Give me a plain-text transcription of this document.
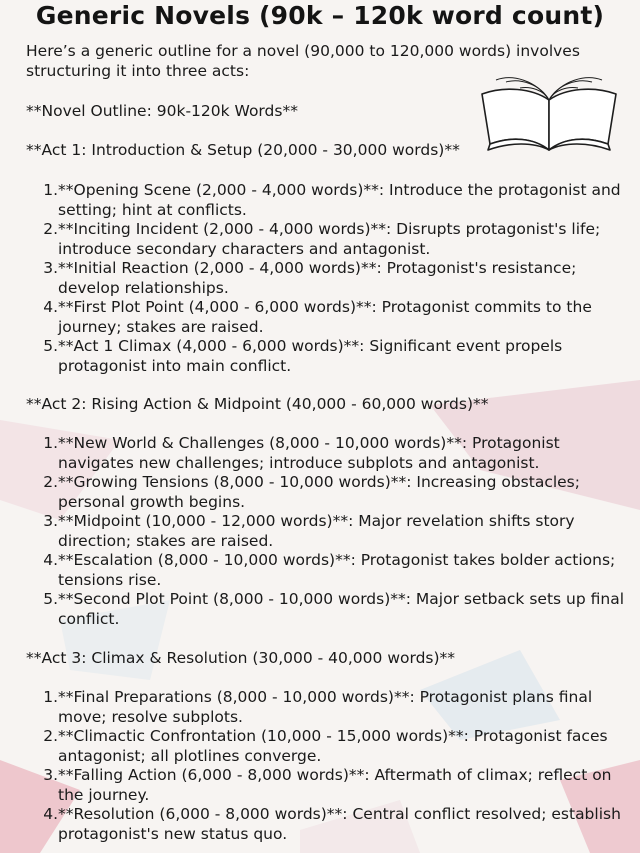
Generic Novels (90k – 120k word count)

Here’s a generic outline for a novel (90,000 to 120,000 words) involves structuring it into three acts:

**Novel Outline: 90k-120k Words**

**Act 1: Introduction & Setup (20,000 - 30,000 words)**

1. **Opening Scene (2,000 - 4,000 words)**: Introduce the protagonist and setting; hint at conflicts.
2. **Inciting Incident (2,000 - 4,000 words)**: Disrupts protagonist's life; introduce secondary characters and antagonist.
3. **Initial Reaction (2,000 - 4,000 words)**: Protagonist's resistance; develop relationships.
4. **First Plot Point (4,000 - 6,000 words)**: Protagonist commits to the journey; stakes are raised.
5. **Act 1 Climax (4,000 - 6,000 words)**: Significant event propels protagonist into main conflict.

**Act 2: Rising Action & Midpoint (40,000 - 60,000 words)**

1. **New World & Challenges (8,000 - 10,000 words)**: Protagonist navigates new challenges; introduce subplots and antagonist.
2. **Growing Tensions (8,000 - 10,000 words)**: Increasing obstacles; personal growth begins.
3. **Midpoint (10,000 - 12,000 words)**: Major revelation shifts story direction; stakes are raised.
4. **Escalation (8,000 - 10,000 words)**: Protagonist takes bolder actions; tensions rise.
5. **Second Plot Point (8,000 - 10,000 words)**: Major setback sets up final conflict.

**Act 3: Climax & Resolution (30,000 - 40,000 words)**

1. **Final Preparations (8,000 - 10,000 words)**: Protagonist plans final move; resolve subplots.
2. **Climactic Confrontation (10,000 - 15,000 words)**: Protagonist faces antagonist; all plotlines converge.
3. **Falling Action (6,000 - 8,000 words)**: Aftermath of climax; reflect on the journey.
4. **Resolution (6,000 - 8,000 words)**: Central conflict resolved; establish protagonist's new status quo.
